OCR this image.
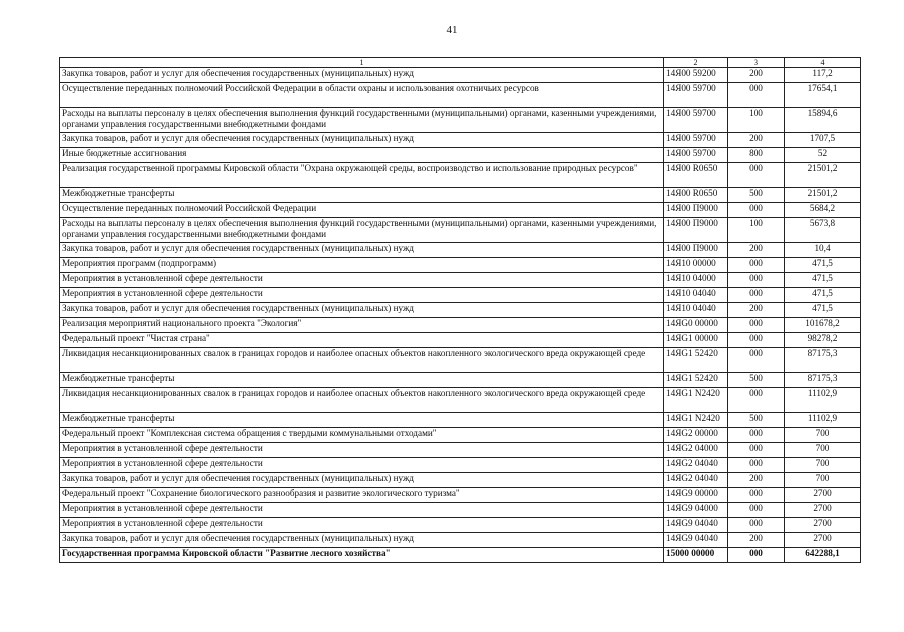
41
1	2	3	4
Закупка товаров, работ и услуг для обеспечения государственных (муниципальных) нужд	14Я00 59200	200	117,2
Осуществление переданных полномочий Российской Федерации в области охраны и использования охотничьих ресурсов	14Я00 59700	000	17654,1
Расходы на выплаты персоналу в целях обеспечения выполнения функций государственными (муниципальными) органами, казенными учреждениями, органами управления государственными внебюджетными фондами	14Я00 59700	100	15894,6
Закупка товаров, работ и услуг для обеспечения государственных (муниципальных) нужд	14Я00 59700	200	1707,5
Иные бюджетные ассигнования	14Я00 59700	800	52
Реализация государственной программы Кировской области "Охрана окружающей среды, воспроизводство и использование природных ресурсов"	14Я00 R0650	000	21501,2
Межбюджетные трансферты	14Я00 R0650	500	21501,2
Осуществление переданных полномочий Российской Федерации	14Я00 П9000	000	5684,2
Расходы на выплаты персоналу в целях обеспечения выполнения функций государственными (муниципальными) органами, казенными учреждениями, органами управления государственными внебюджетными фондами	14Я00 П9000	100	5673,8
Закупка товаров, работ и услуг для обеспечения государственных (муниципальных) нужд	14Я00 П9000	200	10,4
Мероприятия программ (подпрограмм)	14Я10 00000	000	471,5
Мероприятия в установленной сфере деятельности	14Я10 04000	000	471,5
Мероприятия в установленной сфере деятельности	14Я10 04040	000	471,5
Закупка товаров, работ и услуг для обеспечения государственных (муниципальных) нужд	14Я10 04040	200	471,5
Реализация мероприятий национального проекта "Экология"	14ЯG0 00000	000	101678,2
Федеральный проект "Чистая страна"	14ЯG1 00000	000	98278,2
Ликвидация несанкционированных свалок в границах городов и наиболее опасных объектов накопленного экологического вреда окружающей среде	14ЯG1 52420	000	87175,3
Межбюджетные трансферты	14ЯG1 52420	500	87175,3
Ликвидация несанкционированных свалок в границах городов и наиболее опасных объектов накопленного экологического вреда окружающей среде	14ЯG1 N2420	000	11102,9
Межбюджетные трансферты	14ЯG1 N2420	500	11102,9
Федеральный проект "Комплексная система обращения с твердыми коммунальными отходами"	14ЯG2 00000	000	700
Мероприятия в установленной сфере деятельности	14ЯG2 04000	000	700
Мероприятия в установленной сфере деятельности	14ЯG2 04040	000	700
Закупка товаров, работ и услуг для обеспечения государственных (муниципальных) нужд	14ЯG2 04040	200	700
Федеральный проект "Сохранение биологического разнообразия и развитие экологического туризма"	14ЯG9 00000	000	2700
Мероприятия в установленной сфере деятельности	14ЯG9 04000	000	2700
Мероприятия в установленной сфере деятельности	14ЯG9 04040	000	2700
Закупка товаров, работ и услуг для обеспечения государственных (муниципальных) нужд	14ЯG9 04040	200	2700
Государственная программа Кировской области "Развитие лесного хозяйства"	15000 00000	000	642288,1
